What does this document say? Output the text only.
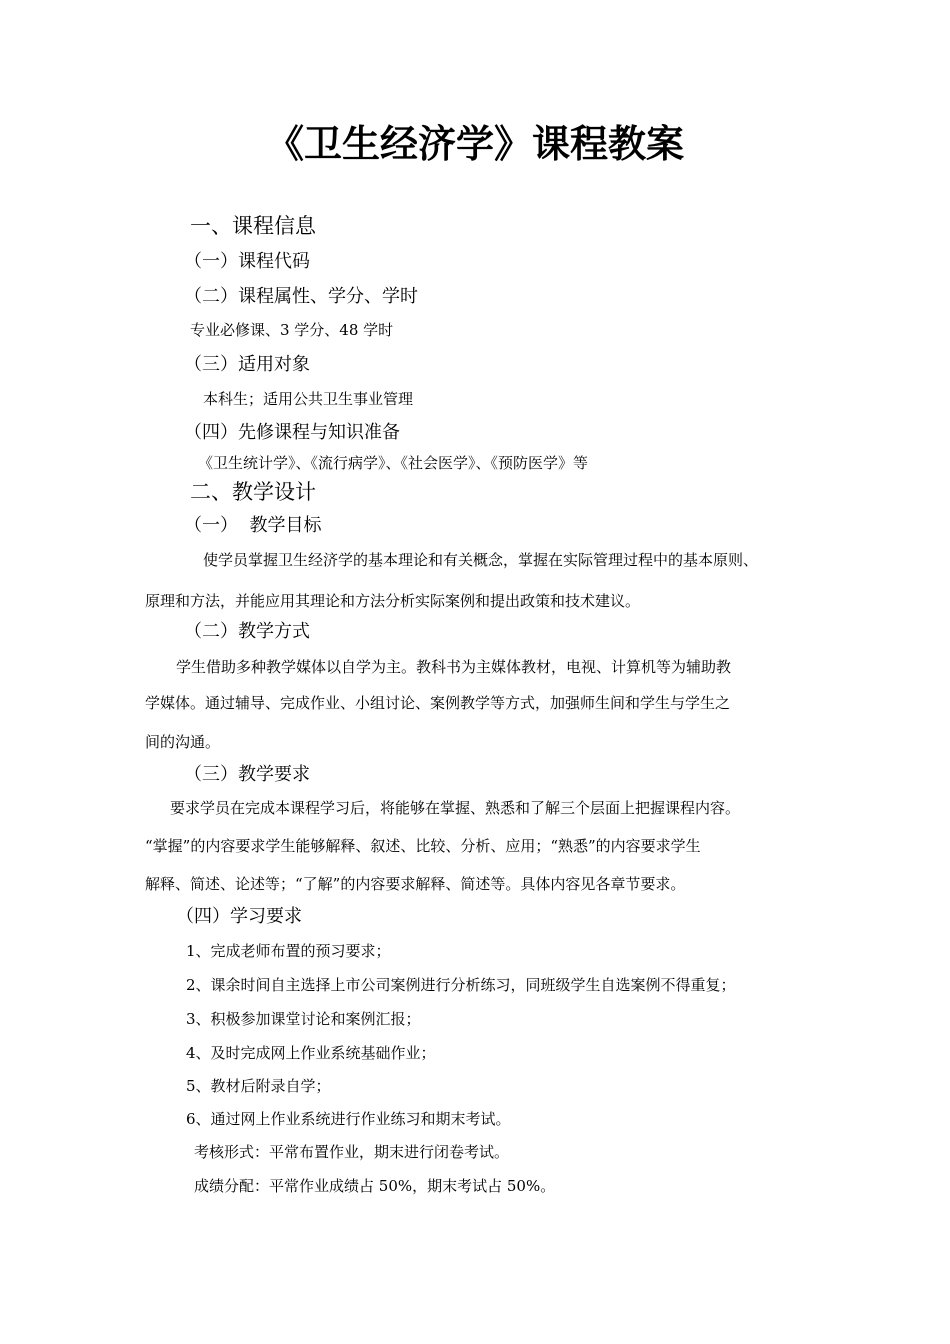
《卫生经济学》课程教案
一、课程信息
（一）课程代码
（二）课程属性、学分、学时
专业必修课、3 学分、48 学时
（三）适用对象
本科生；适用公共卫生事业管理
（四）先修课程与知识准备
《卫生统计学》、《流行病学》、《社会医学》、《预防医学》等
二、教学设计
（一）  教学目标
使学员掌握卫生经济学的基本理论和有关概念，掌握在实际管理过程中的基本原则、
原理和方法，并能应用其理论和方法分析实际案例和提出政策和技术建议。
（二）教学方式
学生借助多种教学媒体以自学为主。教科书为主媒体教材，电视、计算机等为辅助教
学媒体。通过辅导、完成作业、小组讨论、案例教学等方式，加强师生间和学生与学生之
间的沟通。
（三）教学要求
要求学员在完成本课程学习后，将能够在掌握、熟悉和了解三个层面上把握课程内容。
“掌握”的内容要求学生能够解释、叙述、比较、分析、应用；“熟悉”的内容要求学生
解释、简述、论述等；“了解”的内容要求解释、简述等。具体内容见各章节要求。
（四）学习要求
1、完成老师布置的预习要求；
2、课余时间自主选择上市公司案例进行分析练习，同班级学生自选案例不得重复；
3、积极参加课堂讨论和案例汇报；
4、及时完成网上作业系统基础作业；
5、教材后附录自学；
6、通过网上作业系统进行作业练习和期末考试。
考核形式：平常布置作业，期末进行闭卷考试。
成绩分配：平常作业成绩占 50%，期末考试占 50%。
